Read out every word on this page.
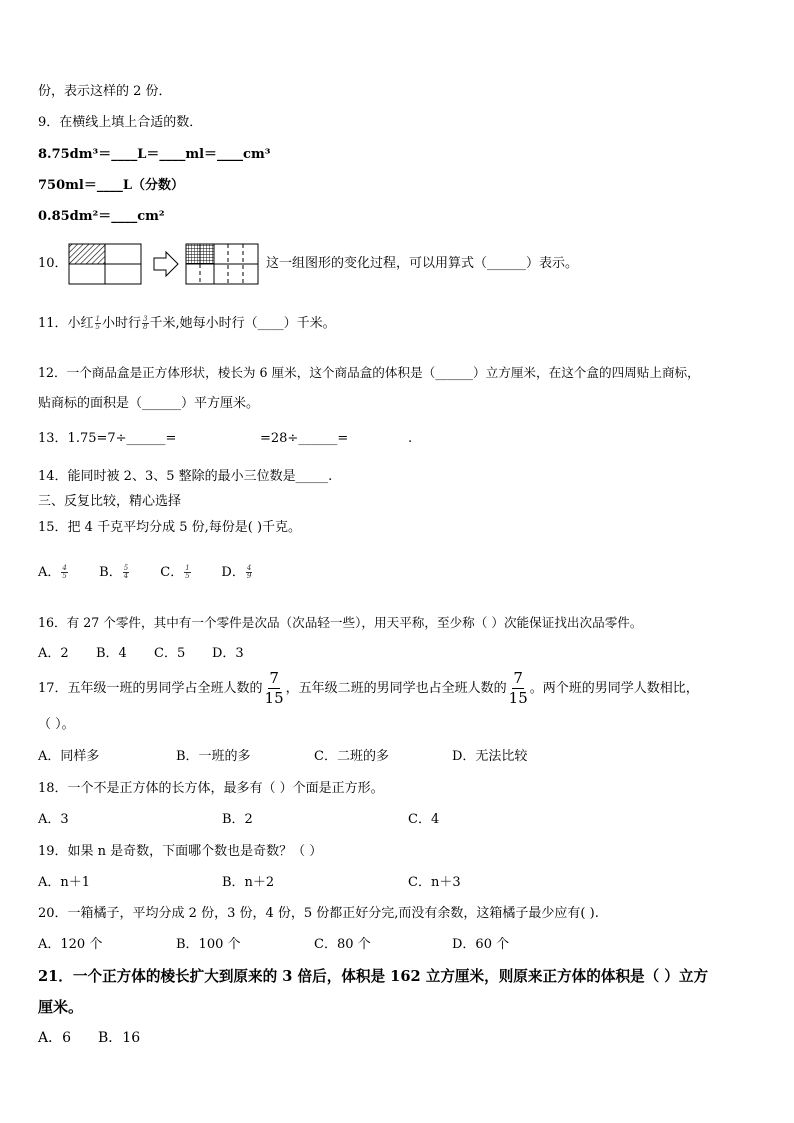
份，表示这样的 2 份．
9．在横线上填上合适的数．
8.75dm³＝____L＝____ml＝____cm³
750ml＝____L（分数）
0.85dm²＝____cm²
10．	这一组图形的变化过程，可以用算式（______）表示。
11．小红 $\frac{1}{5}$ 小时行 $\frac{3}{8}$ 千米,她每小时行（____）千米。
12．一个商品盒是正方体形状，棱长为 6 厘米，这个商品盒的体积是（______）立方厘米，在这个盒的四周贴上商标，
贴商标的面积是（______）平方厘米。
13．1.75=7÷______=	=28÷______=	.
14．能同时被 2、3、5 整除的最小三位数是_____.
三、反复比较，精心选择
15．把 4 千克平均分成 5 份,每份是( )千克。
A． $\frac{4}{5}$ B． $\frac{5}{4}$ C． $\frac{1}{5}$ D． $\frac{4}{9}$
16．有 27 个零件，其中有一个零件是次品（次品轻一些），用天平称，至少称（ ）次能保证找出次品零件。
A．2 B．4 C．5 D．3
17．五年级一班的男同学占全班人数的 $\frac{7}{15}$ ，五年级二班的男同学也占全班人数的 $\frac{7}{15}$ 。两个班的男同学人数相比，
（ ）。
A．同样多	B．一班的多	C．二班的多	D．无法比较
18．一个不是正方体的长方体，最多有（ ）个面是正方形。
A．3	B．2	C．4
19．如果 n 是奇数，下面哪个数也是奇数？（ ）
A．n＋1	B．n＋2	C．n＋3
20．一箱橘子，平均分成 2 份，3 份，4 份，5 份都正好分完,而没有余数，这箱橘子最少应有( ).
A．120 个	B．100 个	C．80 个	D．60 个
21．一个正方体的棱长扩大到原来的 3 倍后，体积是 162 立方厘米，则原来正方体的体积是（ ）立方
厘米。
A．6 B．16
